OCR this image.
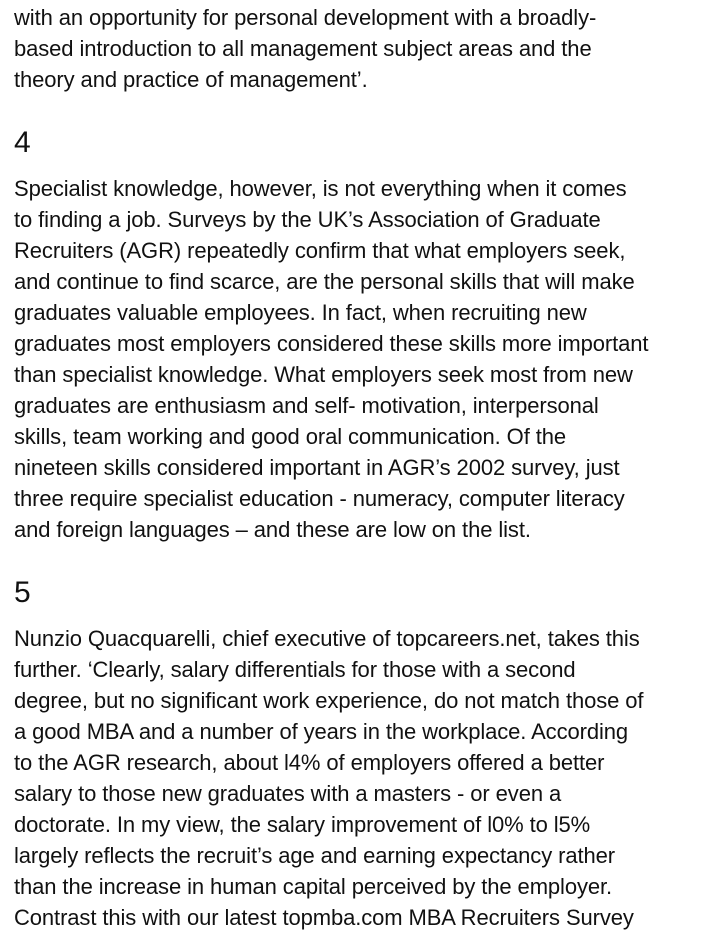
with an opportunity for personal development with a broadly-
based introduction to all management subject areas and the
theory and practice of management’.
4
Specialist knowledge, however, is not everything when it comes
to finding a job. Surveys by the UK’s Association of Graduate
Recruiters (AGR) repeatedly confirm that what employers seek,
and continue to find scarce, are the personal skills that will make
graduates valuable employees. In fact, when recruiting new
graduates most employers considered these skills more important
than specialist knowledge. What employers seek most from new
graduates are enthusiasm and self- motivation, interpersonal
skills, team working and good oral communication. Of the
nineteen skills considered important in AGR’s 2002 survey, just
three require specialist education - numeracy, computer literacy
and foreign languages – and these are low on the list.
5
Nunzio Quacquarelli, chief executive of topcareers.net, takes this
further. ‘Clearly, salary differentials for those with a second
degree, but no significant work experience, do not match those of
a good MBA and a number of years in the workplace. According
to the AGR research, about l4% of employers offered a better
salary to those new graduates with a masters - or even a
doctorate. In my view, the salary improvement of l0% to l5%
largely reflects the recruit’s age and earning expectancy rather
than the increase in human capital perceived by the employer.
Contrast this with our latest topmba.com MBA Recruiters Survey
